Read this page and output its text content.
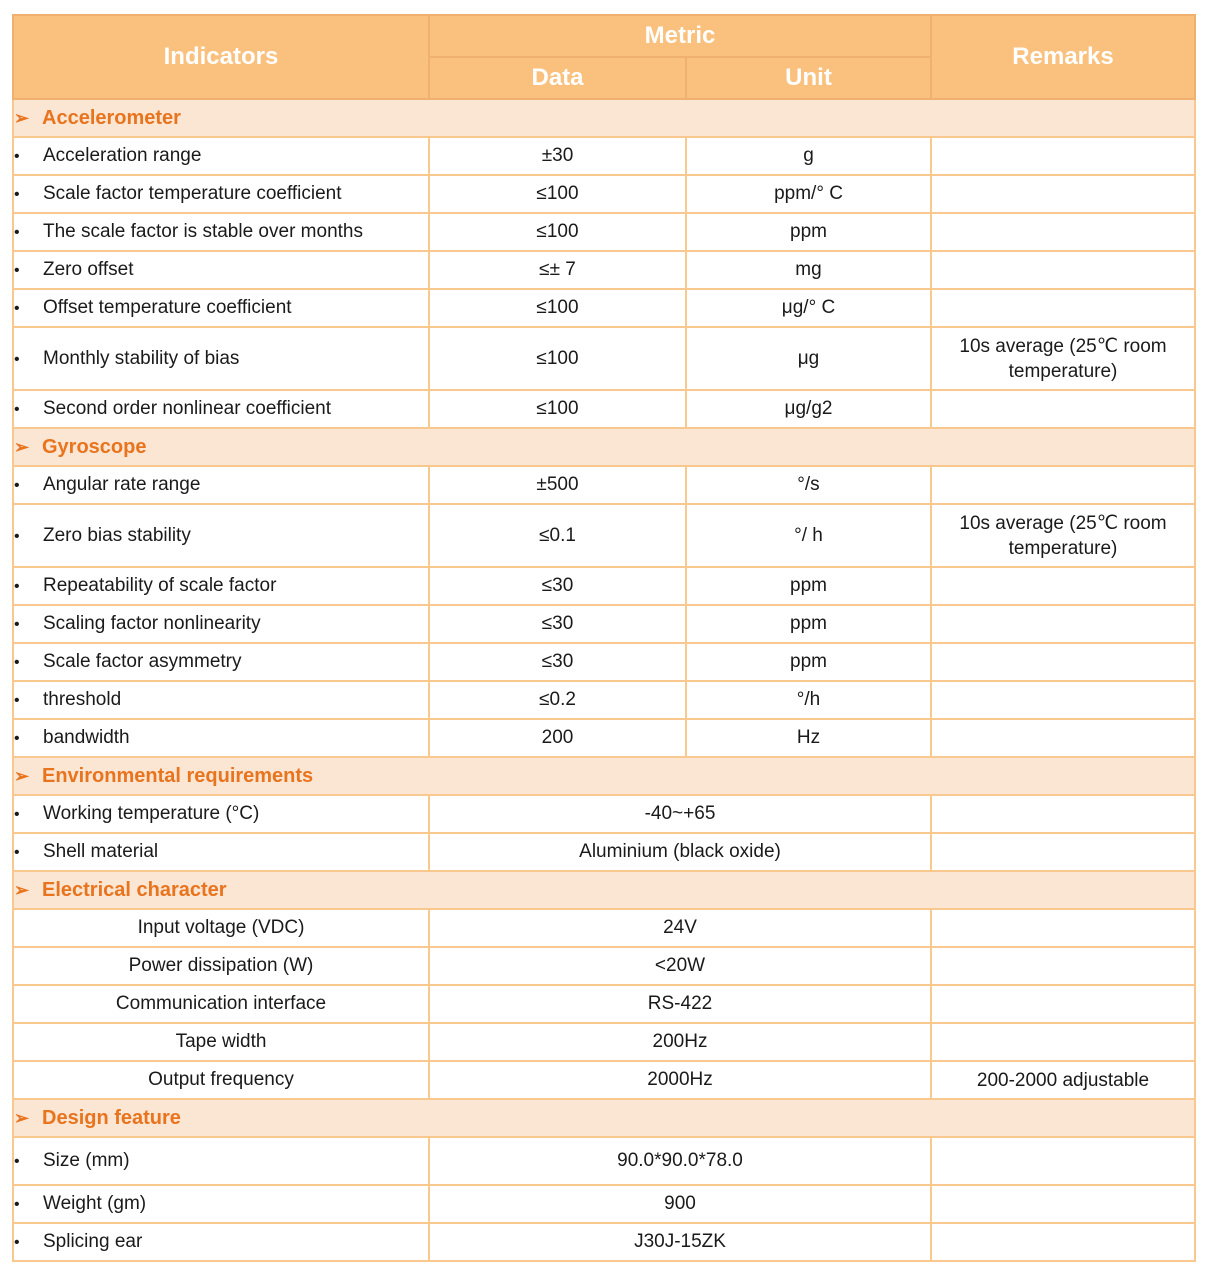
Indicators	Metric		Remarks
	Data	Unit	
➢ Accelerometer			
• Acceleration range	±30	g	
• Scale factor temperature coefficient	≤100	ppm/° C	
• The scale factor is stable over months	≤100	ppm	
• Zero offset	≤± 7	mg	
• Offset temperature coefficient	≤100	μg/° C	
• Monthly stability of bias	≤100	μg	10s average (25℃ room temperature)
• Second order nonlinear coefficient	≤100	μg/g2	
➢ Gyroscope			
• Angular rate range	±500	°/s	
• Zero bias stability	≤0.1	°/ h	10s average (25℃ room temperature)
• Repeatability of scale factor	≤30	ppm	
• Scaling factor nonlinearity	≤30	ppm	
• Scale factor asymmetry	≤30	ppm	
• threshold	≤0.2	°/h	
• bandwidth	200	Hz	
➢ Environmental requirements			
• Working temperature (°C)	-40~+65		
• Shell material	Aluminium (black oxide)		
➢ Electrical character			
Input voltage (VDC)	24V		
Power dissipation (W)	<20W		
Communication interface	RS-422		
Tape width	200Hz		
Output frequency	2000Hz		200-2000 adjustable
➢ Design feature			
• Size (mm)	90.0*90.0*78.0		
• Weight (gm)	900		
• Splicing ear	J30J-15ZK		
